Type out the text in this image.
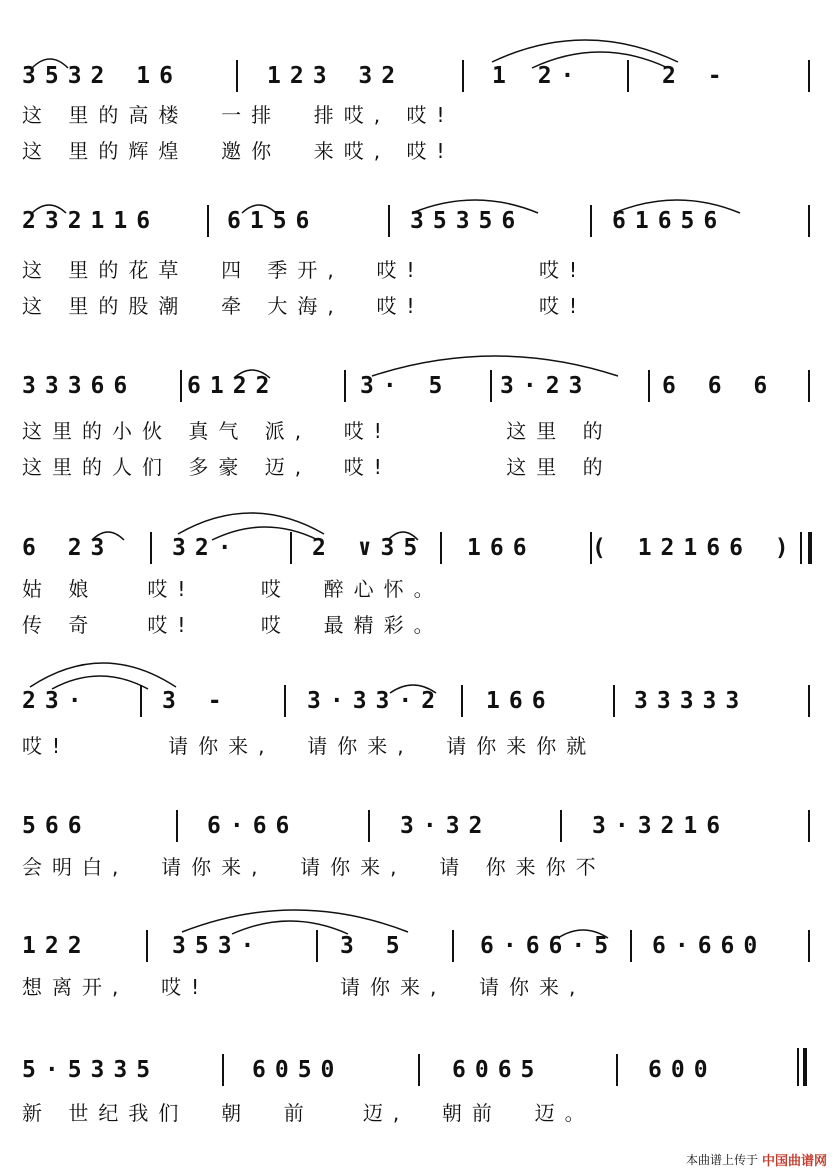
3532 16	123 32	1 2·	2 -
这 里的高楼  一排  排哎, 哎!
这 里的辉煌  邀你  来哎, 哎!
232116	6156	35356	61656
这 里的花草  四 季开,  哎!       哎!
这 里的股潮  牵 大海,  哎!       哎!
33366 6122	3· 5 3·23	6 6 6
这里的小伙 真气 派,  哎!       这里 的
这里的人们 多豪 迈,  哎!       这里 的
6 23	32·	2 ∨35 166 ( 12166 )
姑 娘   哎!    哎  醉心怀。
传 奇   哎!    哎  最精彩。
23·	3 -	3·33·2 166	33333
哎!      请你来,  请你来,  请你来你就
566	6·66	3·32	3·3216
会明白,  请你来,  请你来,  请 你来你不
122	353·	3 5	6·66·5 6·660
想离开,  哎!        请你来,  请你来,
5·5335	6050	6065	600
新 世纪我们  朝  前   迈,  朝前  迈。
本曲谱上传于 中国曲谱网
